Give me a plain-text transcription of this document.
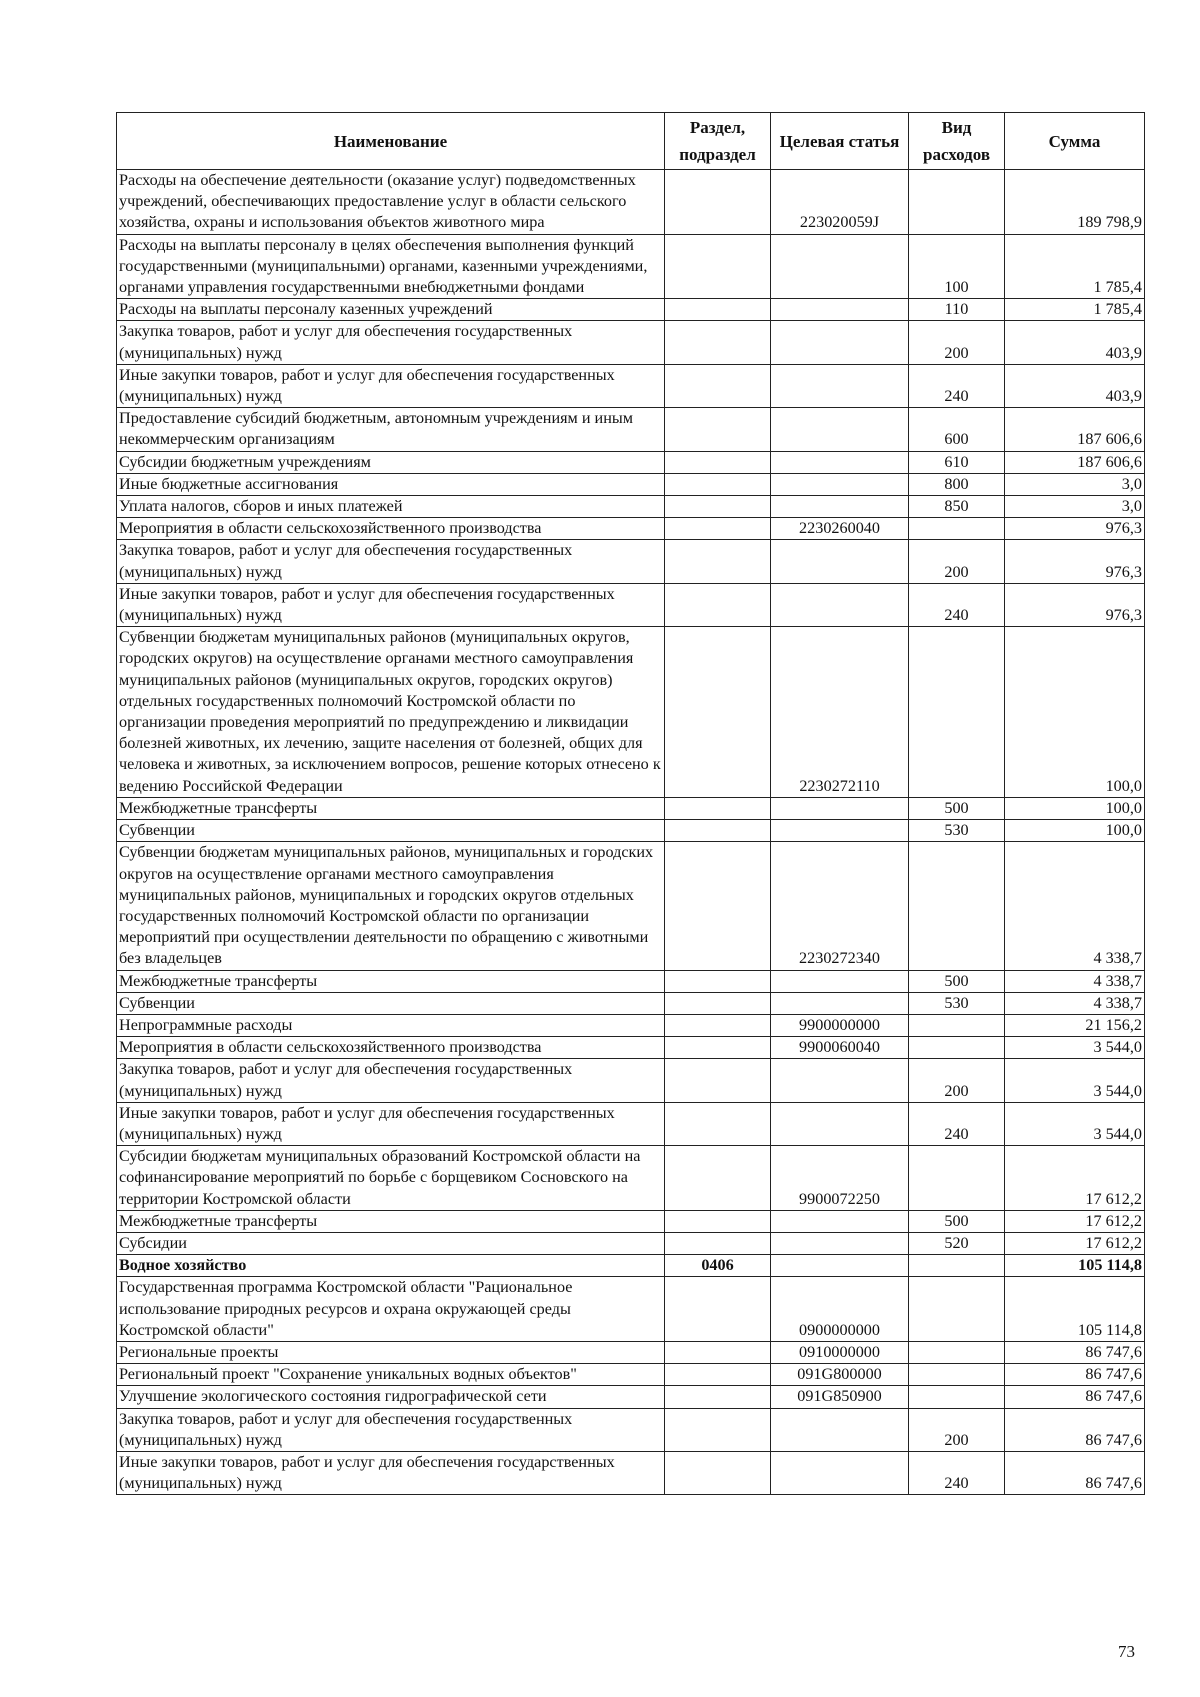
Наименование	Раздел, подраздел	Целевая статья	Вид расходов	Сумма
Расходы на обеспечение деятельности (оказание услуг) подведомственных учреждений, обеспечивающих предоставление услуг в области сельского хозяйства, охраны и использования объектов животного мира		223020059J		189 798,9
Расходы на выплаты персоналу в целях обеспечения выполнения функций государственными (муниципальными) органами, казенными учреждениями, органами управления государственными внебюджетными фондами			100	1 785,4
Расходы на выплаты персоналу казенных учреждений			110	1 785,4
Закупка товаров, работ и услуг для обеспечения государственных (муниципальных) нужд			200	403,9
Иные закупки товаров, работ и услуг для обеспечения государственных (муниципальных) нужд			240	403,9
Предоставление субсидий бюджетным, автономным учреждениям и иным некоммерческим организациям			600	187 606,6
Субсидии бюджетным учреждениям			610	187 606,6
Иные бюджетные ассигнования			800	3,0
Уплата налогов, сборов и иных платежей			850	3,0
Мероприятия в области сельскохозяйственного производства		2230260040		976,3
Закупка товаров, работ и услуг для обеспечения государственных (муниципальных) нужд			200	976,3
Иные закупки товаров, работ и услуг для обеспечения государственных (муниципальных) нужд			240	976,3
Субвенции бюджетам муниципальных районов (муниципальных округов, городских округов) на осуществление органами местного самоуправления муниципальных районов (муниципальных округов, городских округов) отдельных государственных полномочий Костромской области по организации проведения мероприятий по предупреждению и ликвидации болезней животных, их лечению, защите населения от болезней, общих для человека и животных, за исключением вопросов, решение которых отнесено к ведению Российской Федерации		2230272110		100,0
Межбюджетные трансферты			500	100,0
Субвенции			530	100,0
Субвенции бюджетам муниципальных районов, муниципальных и городских округов на осуществление органами местного самоуправления муниципальных районов, муниципальных и городских округов отдельных государственных полномочий Костромской области по организации мероприятий при осуществлении деятельности по обращению с животными без владельцев		2230272340		4 338,7
Межбюджетные трансферты			500	4 338,7
Субвенции			530	4 338,7
Непрограммные расходы		9900000000		21 156,2
Мероприятия в области сельскохозяйственного производства		9900060040		3 544,0
Закупка товаров, работ и услуг для обеспечения государственных (муниципальных) нужд			200	3 544,0
Иные закупки товаров, работ и услуг для обеспечения государственных (муниципальных) нужд			240	3 544,0
Субсидии бюджетам муниципальных образований Костромской области на софинансирование мероприятий по борьбе с борщевиком Сосновского на территории Костромской области		9900072250		17 612,2
Межбюджетные трансферты			500	17 612,2
Субсидии			520	17 612,2
Водное хозяйство	0406			105 114,8
Государственная программа Костромской области "Рациональное использование природных ресурсов и охрана окружающей среды Костромской области"		0900000000		105 114,8
Региональные проекты		0910000000		86 747,6
Региональный проект "Сохранение уникальных водных объектов"		091G800000		86 747,6
Улучшение экологического состояния гидрографической сети		091G850900		86 747,6
Закупка товаров, работ и услуг для обеспечения государственных (муниципальных) нужд			200	86 747,6
Иные закупки товаров, работ и услуг для обеспечения государственных (муниципальных) нужд			240	86 747,6
73
